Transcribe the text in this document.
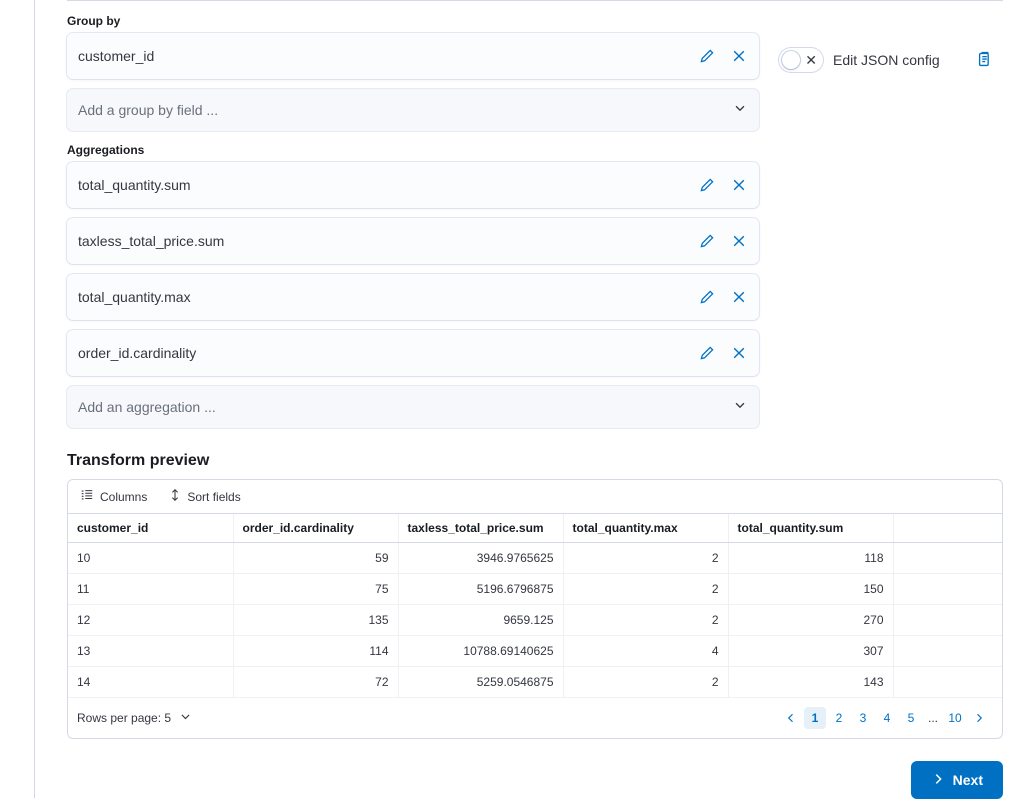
Group by
customer_id
Add a group by field ...
Aggregations
total_quantity.sum
taxless_total_price.sum
total_quantity.max
order_id.cardinality
Add an aggregation ...
✕ Edit JSON config
Transform preview
Columns	Sort fields
customer_id	order_id.cardinality	taxless_total_price.sum	total_quantity.max	total_quantity.sum	
10	59	3946.9765625	2	118	
11	75	5196.6796875	2	150	
12	135	9659.125	2	270	
13	114	10788.69140625	4	307	
14	72	5259.0546875	2	143	
Rows per page: 5	1	2	3	4	5	... 10
Next
